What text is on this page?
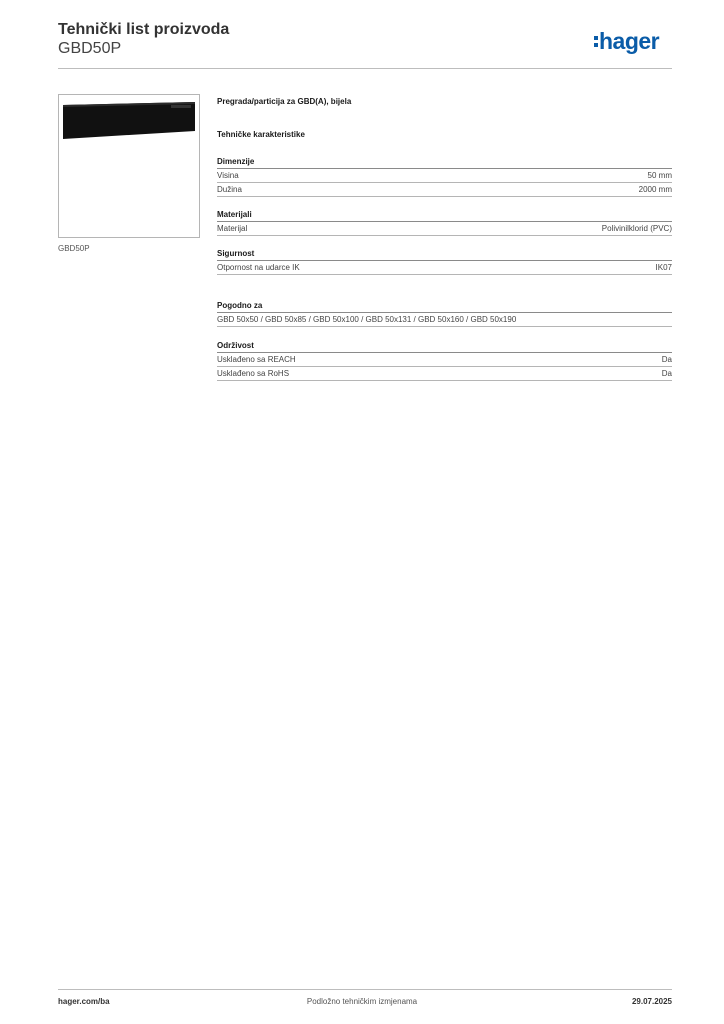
Tehnički list proizvoda
GBD50P	hager
GBD50P
Pregrada/particija za GBD(A), bijela
Tehničke karakteristike
Dimenzije
Visina	50 mm
Dužina	2000 mm
Materijali
Materijal	Polivinilklorid (PVC)
Sigurnost
Otpornost na udarce IK	IK07
Pogodno za
GBD 50x50 / GBD 50x85 / GBD 50x100 / GBD 50x131 / GBD 50x160 / GBD 50x190
Održivost
Usklađeno sa REACH	Da
Usklađeno sa RoHS	Da
Podložno tehničkim izmjenama
hager.com/ba	29.07.2025
